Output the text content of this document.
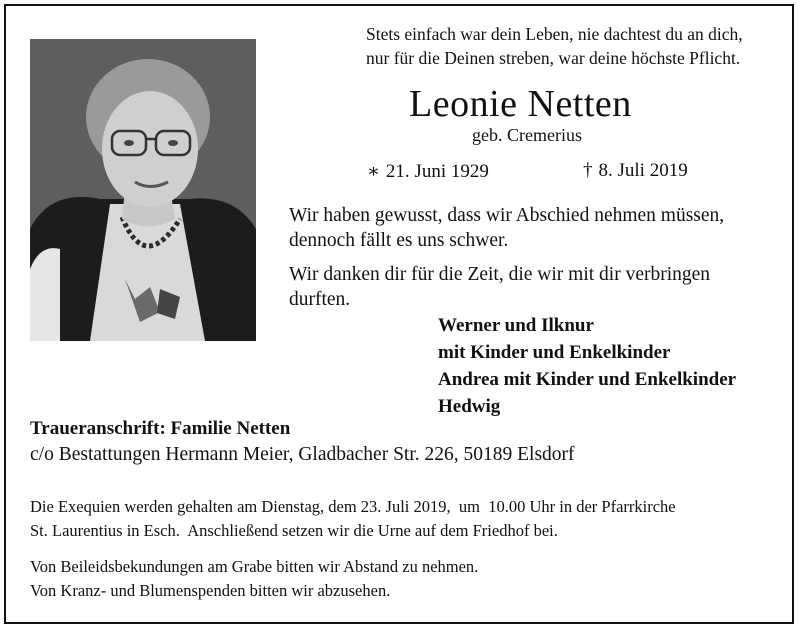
Stets einfach war dein Leben, nie dachtest du an dich,
nur für die Deinen streben, war deine höchste Pflicht.
Leonie Netten
geb. Cremerius
∗ 21. Juni 1929	† 8. Juli 2019
Wir haben gewusst, dass wir Abschied nehmen müssen,
dennoch fällt es uns schwer.
Wir danken dir für die Zeit, die wir mit dir verbringen
durften.
Werner und Ilknur
mit Kinder und Enkelkinder
Andrea mit Kinder und Enkelkinder
Hedwig
Traueranschrift: Familie Netten
c/o Bestattungen Hermann Meier, Gladbacher Str. 226, 50189 Elsdorf
Die Exequien werden gehalten am Dienstag, dem 23. Juli 2019,  um  10.00 Uhr in der Pfarrkirche
St. Laurentius in Esch.  Anschließend setzen wir die Urne auf dem Friedhof bei.
Von Beileidsbekundungen am Grabe bitten wir Abstand zu nehmen.
Von Kranz- und Blumenspenden bitten wir abzusehen.
